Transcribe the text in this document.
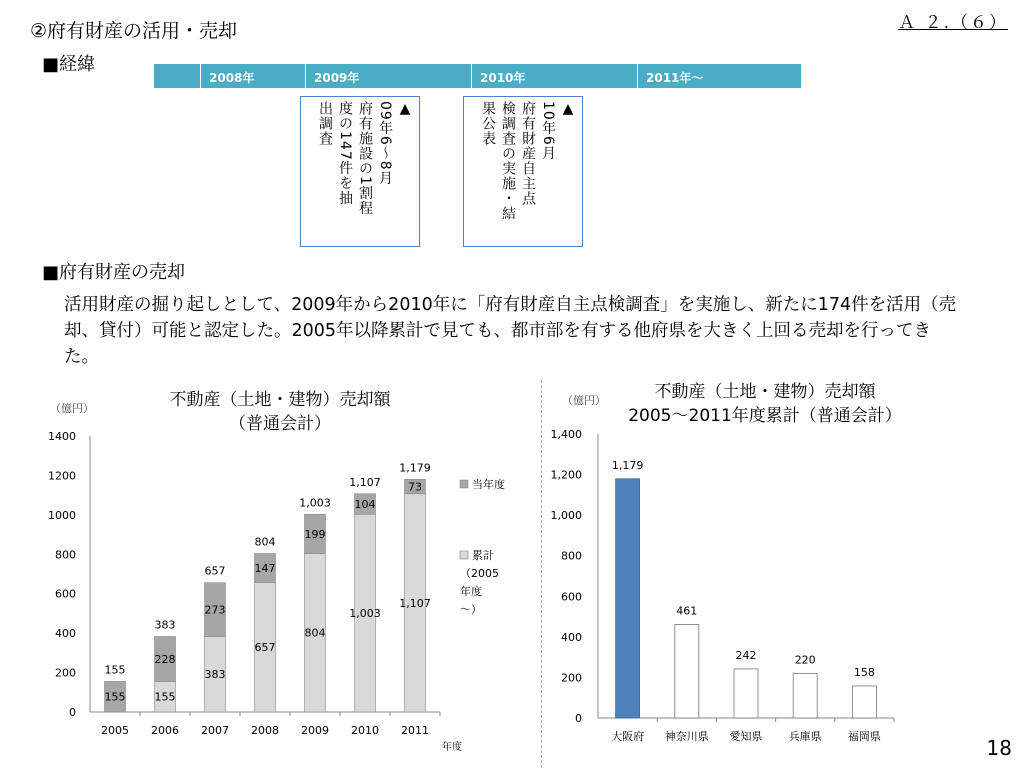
Ａ ２.（６）
②府有財産の活用・売却
■経緯
2008年	2009年	2010年	2011年～
▲
09年6～8月
府有施設の1割程
度の147件を抽
出調査	▲
10年6月
府有財産自主点
検調査の実施・結
果公表
■府有財産の売却
活用財産の掘り起しとして、2009年から2010年に「府有財産自主点検調査」を実施し、新たに174件を活用（売却、貸付）可能と認定した。2005年以降累計で見ても、都市部を有する他府県を大きく上回る売却を行ってきた。
（億円）	不動産（土地・建物）売却額
（普通会計）
0
200
400
600
800
1000
1200
1400
155
155
2005
155
228
383
2006
383
273
657
2007
657
147
804
2008
804
199
1,003
2009
1,003
104
1,107
2010
1,107
73
1,179
2011
年度
当年度
累計
（2005
年度
～）
（億円）	不動産（土地・建物）売却額
2005～2011年度累計（普通会計）
0
200
400
600
800
1,000
1,200
1,400
1,179
大阪府
461
神奈川県
242
愛知県
220
兵庫県
158
福岡県	18
